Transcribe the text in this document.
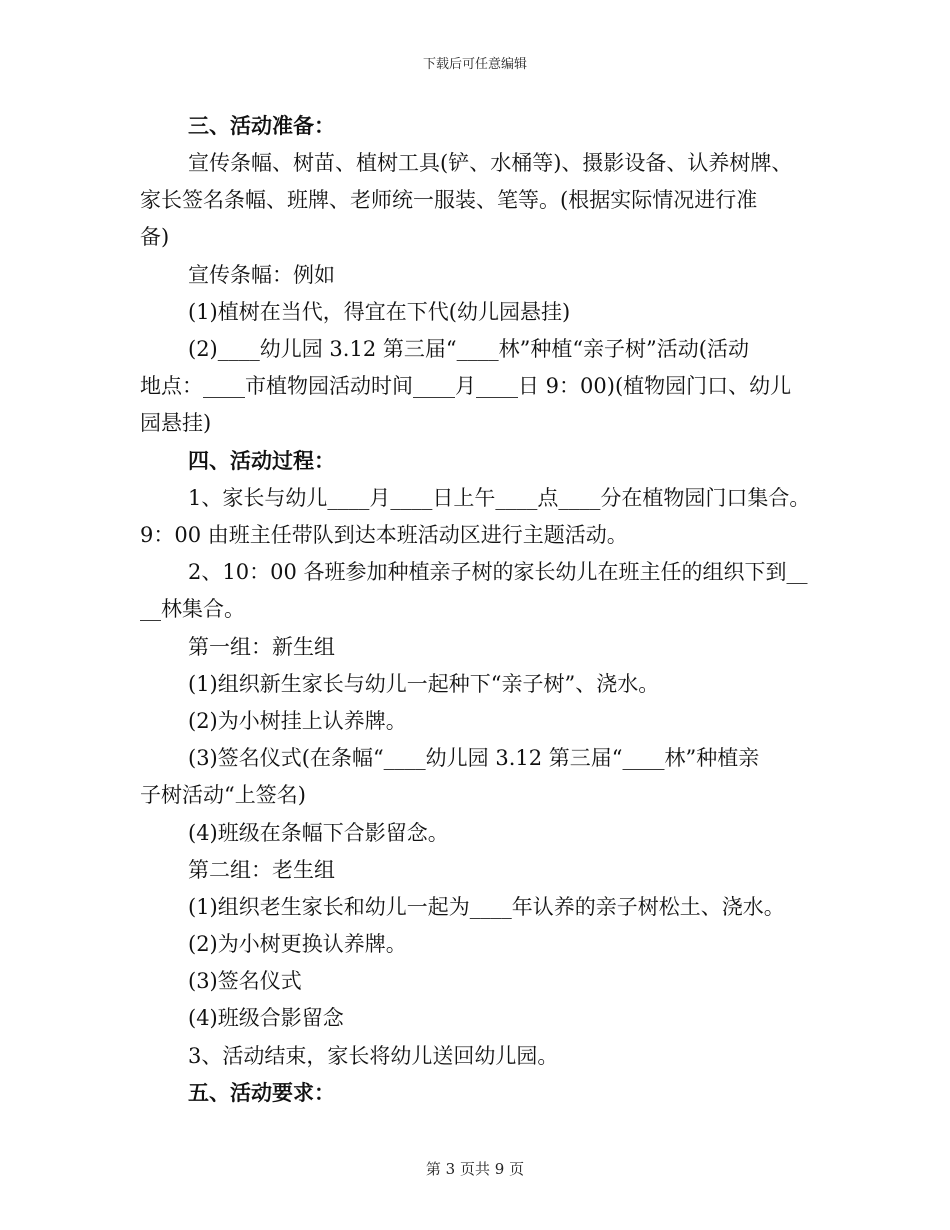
下载后可任意编辑
三、活动准备：
宣传条幅、树苗、植树工具(铲、水桶等)、摄影设备、认养树牌、
家长签名条幅、班牌、老师统一服装、笔等。(根据实际情况进行准
备)
宣传条幅：例如
(1)植树在当代，得宜在下代(幼儿园悬挂)
(2)____幼儿园 3.12 第三届“____林”种植“亲子树”活动(活动
地点：____市植物园活动时间____月____日 9：00)(植物园门口、幼儿
园悬挂)
四、活动过程：
1、家长与幼儿____月____日上午____点____分在植物园门口集合。
9：00 由班主任带队到达本班活动区进行主题活动。
2、10：00 各班参加种植亲子树的家长幼儿在班主任的组织下到__
__林集合。
第一组：新生组
(1)组织新生家长与幼儿一起种下“亲子树”、浇水。
(2)为小树挂上认养牌。
(3)签名仪式(在条幅“____幼儿园 3.12 第三届“____林”种植亲
子树活动“上签名)
(4)班级在条幅下合影留念。
第二组：老生组
(1)组织老生家长和幼儿一起为____年认养的亲子树松土、浇水。
(2)为小树更换认养牌。
(3)签名仪式
(4)班级合影留念
3、活动结束，家长将幼儿送回幼儿园。
五、活动要求：
第 3 页共 9 页
